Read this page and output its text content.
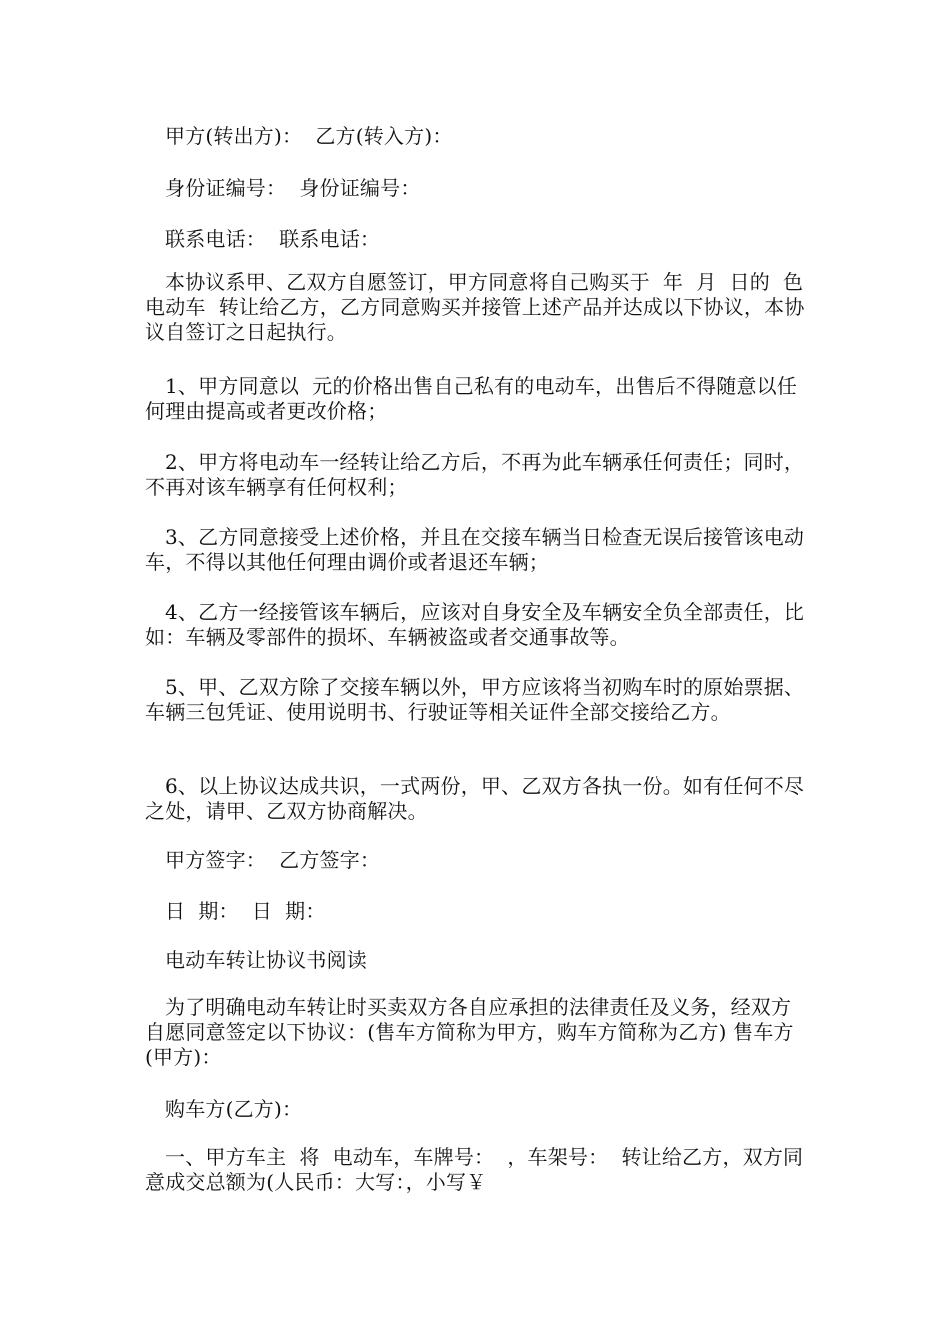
甲方(转出方)：  乙方(转入方)：

身份证编号：  身份证编号：

联系电话：  联系电话：

本协议系甲、乙双方自愿签订，甲方同意将自己购买于  年  月  日的  色  电动车  转让给乙方，乙方同意购买并接管上述产品并达成以下协议，本协议自签订之日起执行。

1、甲方同意以  元的价格出售自己私有的电动车，出售后不得随意以任何理由提高或者更改价格；

2、甲方将电动车一经转让给乙方后，不再为此车辆承任何责任；同时，不再对该车辆享有任何权利；

3、乙方同意接受上述价格，并且在交接车辆当日检查无误后接管该电动车，不得以其他任何理由调价或者退还车辆；

4、乙方一经接管该车辆后，应该对自身安全及车辆安全负全部责任，比如：车辆及零部件的损坏、车辆被盗或者交通事故等。

5、甲、乙双方除了交接车辆以外，甲方应该将当初购车时的原始票据、车辆三包凭证、使用说明书、行驶证等相关证件全部交接给乙方。

6、以上协议达成共识，一式两份，甲、乙双方各执一份。如有任何不尽之处，请甲、乙双方协商解决。

甲方签字：  乙方签字：

日  期：  日  期：

电动车转让协议书阅读

为了明确电动车转让时买卖双方各自应承担的法律责任及义务，经双方自愿同意签定以下协议：(售车方简称为甲方，购车方简称为乙方) 售车方(甲方)：

购车方(乙方)：

一、甲方车主  将  电动车，车牌号：  ，车架号：  转让给乙方，双方同意成交总额为(人民币：大写：，小写￥
